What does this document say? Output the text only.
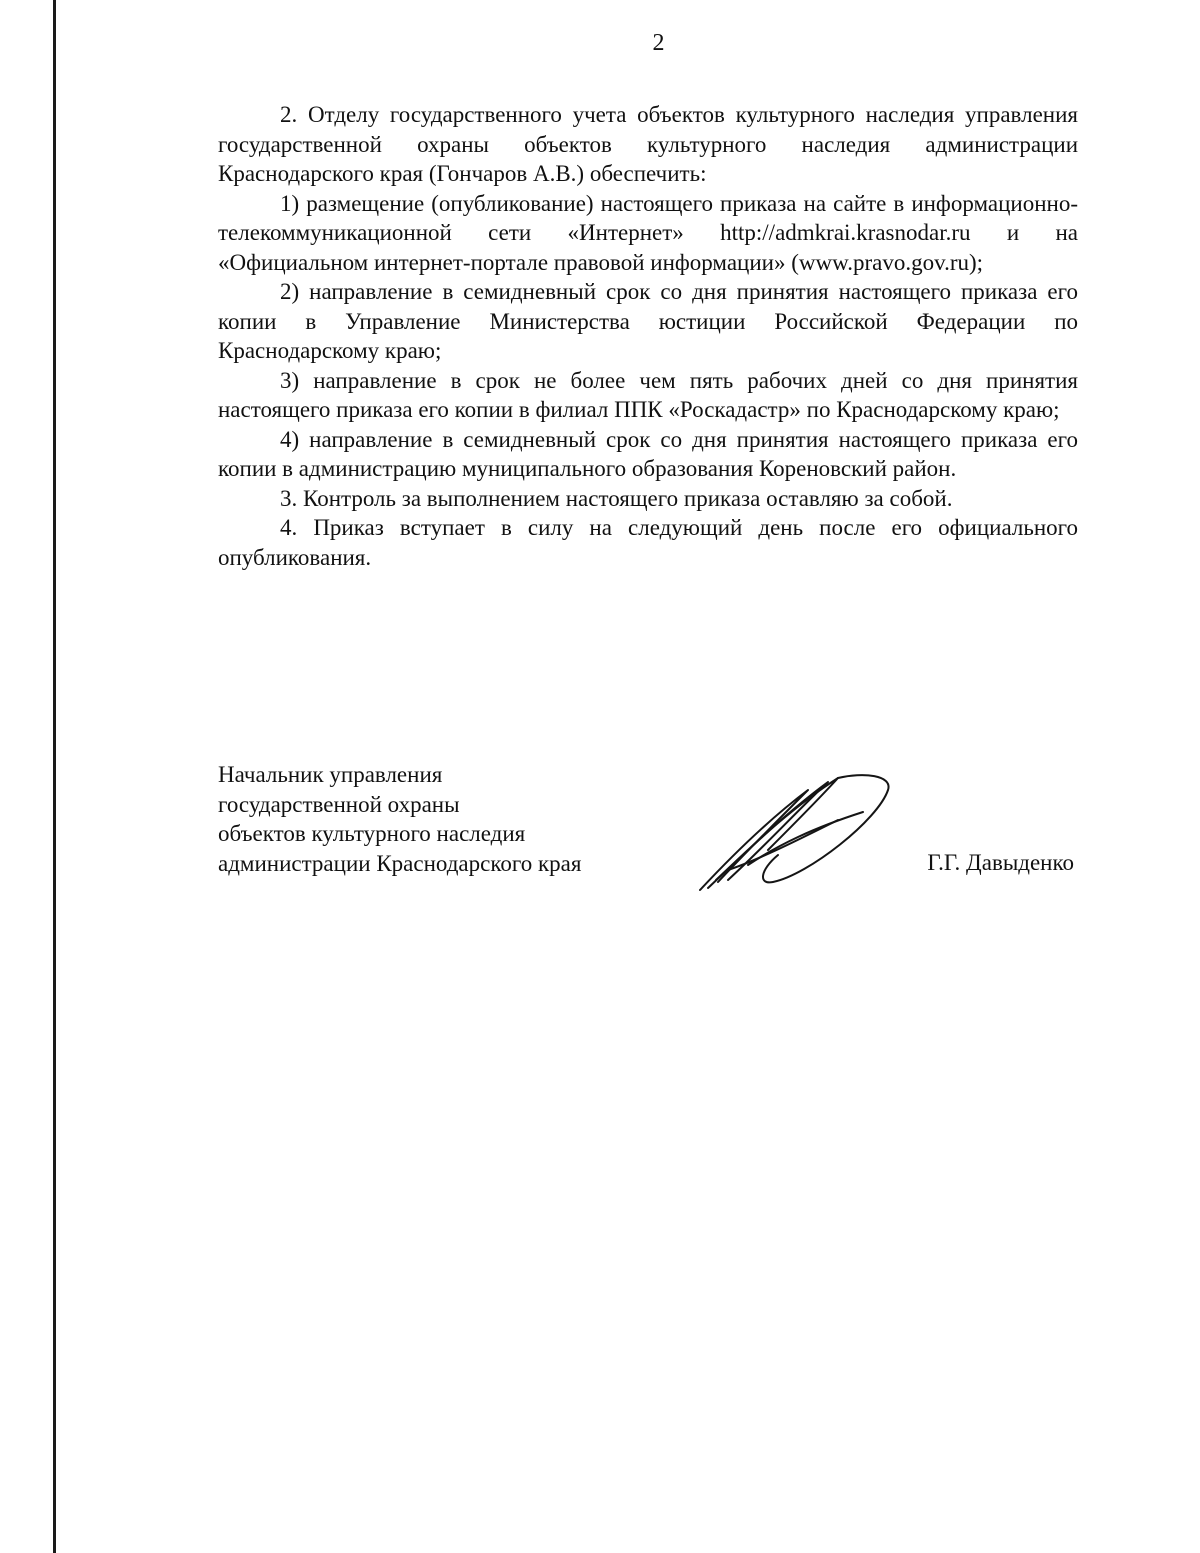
2

2. Отделу государственного учета объектов культурного наследия управления государственной охраны объектов культурного наследия администрации Краснодарского края (Гончаров А.В.) обеспечить:

1) размещение (опубликование) настоящего приказа на сайте в информационно-телекоммуникационной сети «Интернет» http://admkrai.krasnodar.ru и на «Официальном интернет-портале правовой информации» (www.pravo.gov.ru);

2) направление в семидневный срок со дня принятия настоящего приказа его копии в Управление Министерства юстиции Российской Федерации по Краснодарскому краю;

3) направление в срок не более чем пять рабочих дней со дня принятия настоящего приказа его копии в филиал ППК «Роскадастр» по Краснодарскому краю;

4) направление в семидневный срок со дня принятия настоящего приказа его копии в администрацию муниципального образования Кореновский район.

3. Контроль за выполнением настоящего приказа оставляю за собой.

4. Приказ вступает в силу на следующий день после его официального опубликования.

Начальник управления
государственной охраны
объектов культурного наследия
администрации Краснодарского края	Г.Г. Давыденко
